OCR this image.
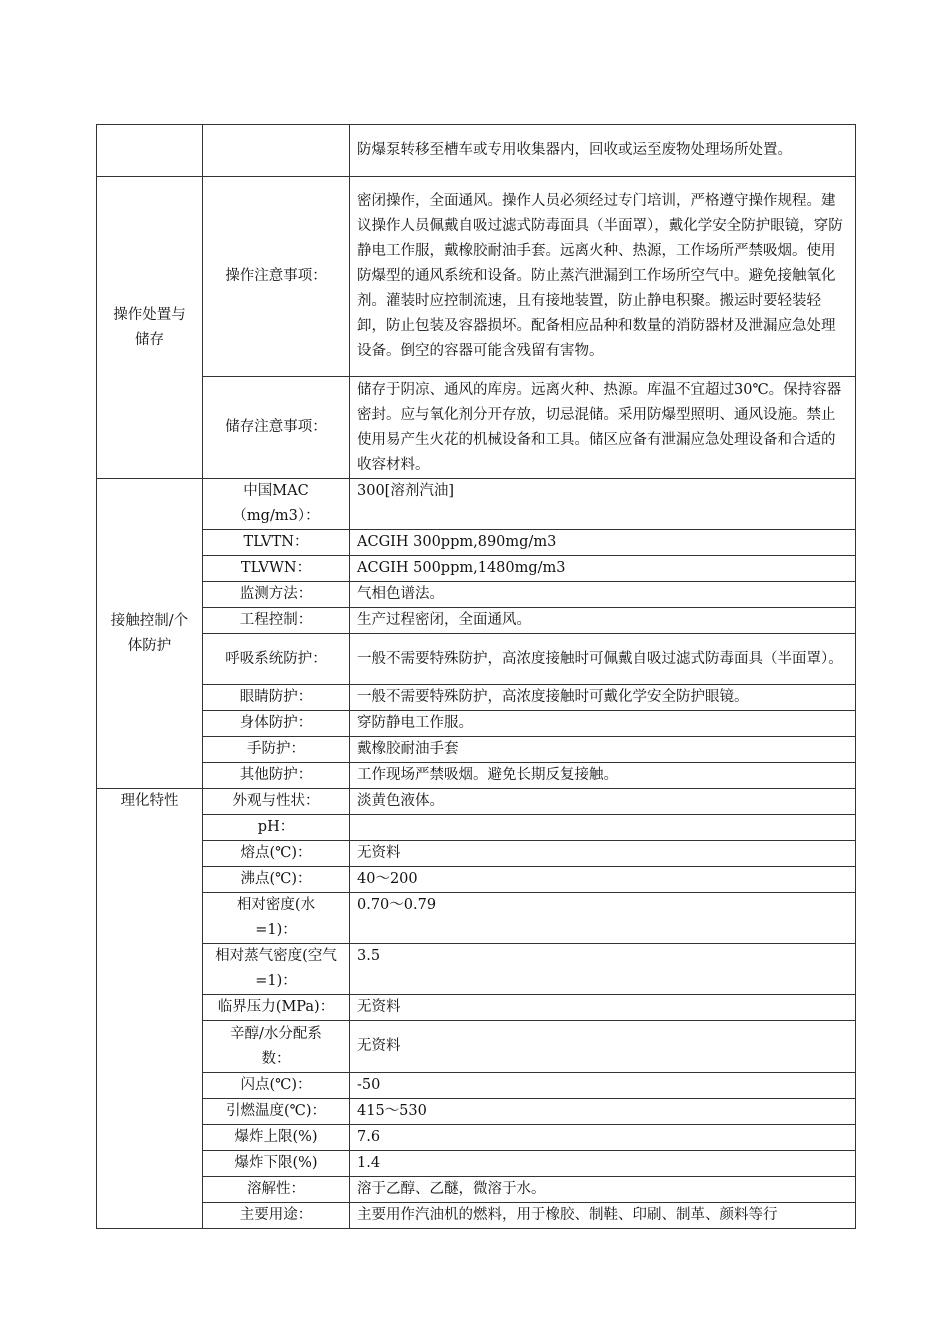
		防爆泵转移至槽车或专用收集器内，回收或运至废物处理场所处置。

操作处置与储存	操作注意事项：	密闭操作，全面通风。操作人员必须经过专门培训，严格遵守操作规程。建议操作人员佩戴自吸过滤式防毒面具（半面罩），戴化学安全防护眼镜，穿防静电工作服，戴橡胶耐油手套。远离火种、热源，工作场所严禁吸烟。使用防爆型的通风系统和设备。防止蒸汽泄漏到工作场所空气中。避免接触氧化剂。灌装时应控制流速，且有接地装置，防止静电积聚。搬运时要轻装轻卸，防止包装及容器损坏。配备相应品种和数量的消防器材及泄漏应急处理设备。倒空的容器可能含残留有害物。
	储存注意事项：	储存于阴凉、通风的库房。远离火种、热源。库温不宜超过30℃。保持容器密封。应与氧化剂分开存放，切忌混储。采用防爆型照明、通风设施。禁止使用易产生火花的机械设备和工具。储区应备有泄漏应急处理设备和合适的收容材料。

接触控制/个体防护	中国MAC（mg/m3）：	300[溶剂汽油]
	TLVTN：	ACGIH 300ppm,890mg/m3
	TLVWN：	ACGIH 500ppm,1480mg/m3
	监测方法：	气相色谱法。
	工程控制：	生产过程密闭，全面通风。
	呼吸系统防护：	一般不需要特殊防护，高浓度接触时可佩戴自吸过滤式防毒面具（半面罩）。
	眼睛防护：	一般不需要特殊防护，高浓度接触时可戴化学安全防护眼镜。
	身体防护：	穿防静电工作服。
	手防护：	戴橡胶耐油手套
	其他防护：	工作现场严禁吸烟。避免长期反复接触。
理化特性	外观与性状：	淡黄色液体。
	pH：	
	熔点(℃)：	无资料
	沸点(℃)：	40～200

	相对密度(水=1)：	0.70～0.79
	相对蒸气密度(空气=1)：	3.5
	临界压力(MPa)：	无资料

	辛醇/水分配系数：	无资料
	闪点(℃)：	-50
	引燃温度(℃)：	415～530
	爆炸上限(%)	7.6
	爆炸下限(%)	1.4
	溶解性：	溶于乙醇、乙醚，微溶于水。
	主要用途：	主要用作汽油机的燃料，用于橡胶、制鞋、印刷、制革、颜料等行
